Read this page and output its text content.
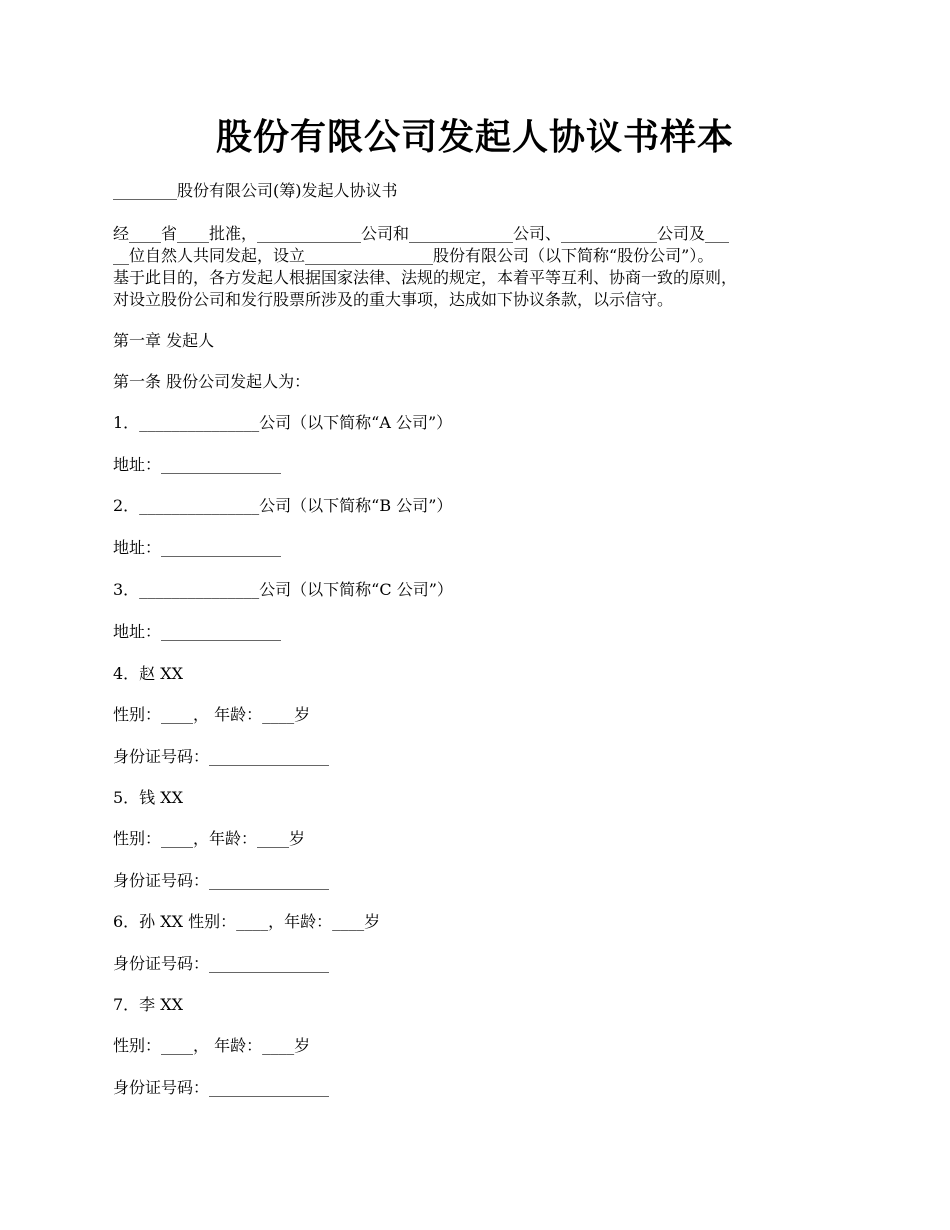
股份有限公司发起人协议书样本
________股份有限公司(筹)发起人协议书
经____省____批准，_____________公司和_____________公司、____________公司及___
__位自然人共同发起，设立________________股份有限公司（以下简称“股份公司”）。
基于此目的，各方发起人根据国家法律、法规的规定，本着平等互利、协商一致的原则，
对设立股份公司和发行股票所涉及的重大事项，达成如下协议条款，以示信守。
第一章 发起人
第一条 股份公司发起人为：
1．_______________公司（以下简称“A 公司”）
地址：_______________
2．_______________公司（以下简称“B 公司”）
地址：_______________
3．_______________公司（以下简称“C 公司”）
地址：_______________
4．赵 XX
性别：____， 年龄：____岁
身份证号码：_______________
5．钱 XX
性别：____，年龄：____岁
身份证号码：_______________
6．孙 XX 性别：____，年龄：____岁
身份证号码：_______________
7．李 XX
性别：____， 年龄：____岁
身份证号码：_______________
